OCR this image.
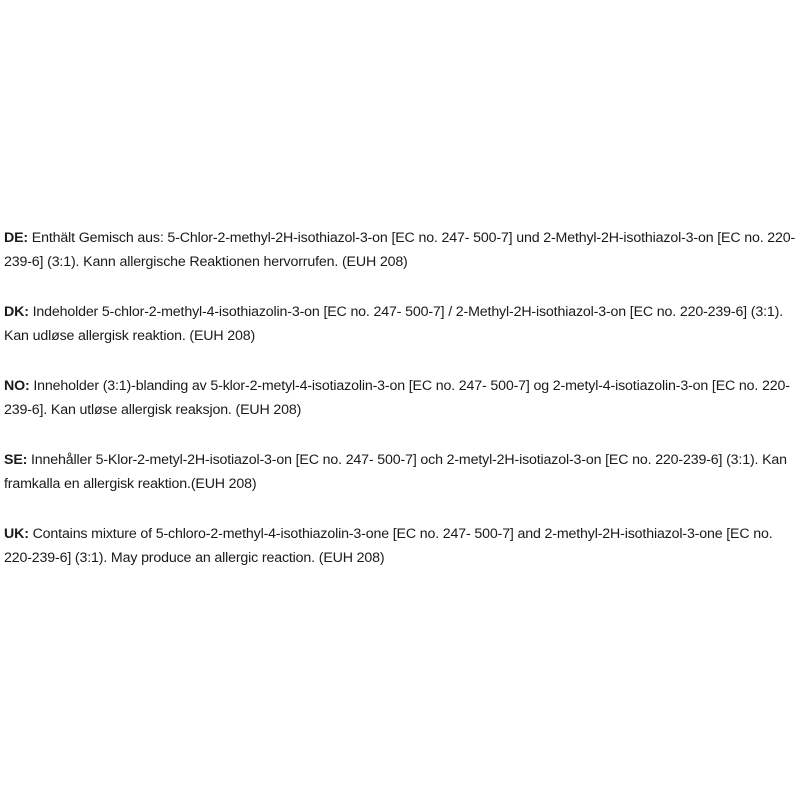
DE: Enthält Gemisch aus: 5-Chlor-2-methyl-2H-isothiazol-3-on [EC no. 247- 500-7] und 2-Methyl-2H-isothiazol-3-on [EC no. 220-239-6] (3:1). Kann allergische Reaktionen hervorrufen. (EUH 208)

DK: Indeholder 5-chlor-2-methyl-4-isothiazolin-3-on [EC no. 247- 500-7] / 2-Methyl-2H-isothiazol-3-on [EC no. 220-239-6] (3:1). Kan udløse allergisk reaktion. (EUH 208)

NO: Inneholder (3:1)-blanding av 5-klor-2-metyl-4-isotiazolin-3-on [EC no. 247- 500-7] og 2-metyl-4-isotiazolin-3-on [EC no. 220-239-6]. Kan utløse allergisk reaksjon. (EUH 208)

SE: Innehåller 5-Klor-2-metyl-2H-isotiazol-3-on [EC no. 247- 500-7] och 2-metyl-2H-isotiazol-3-on [EC no. 220-239-6] (3:1). Kan framkalla en allergisk reaktion.(EUH 208)

UK: Contains mixture of 5-chloro-2-methyl-4-isothiazolin-3-one [EC no. 247- 500-7] and 2-methyl-2H-isothiazol-3-one [EC no. 220-239-6] (3:1). May produce an allergic reaction. (EUH 208)
